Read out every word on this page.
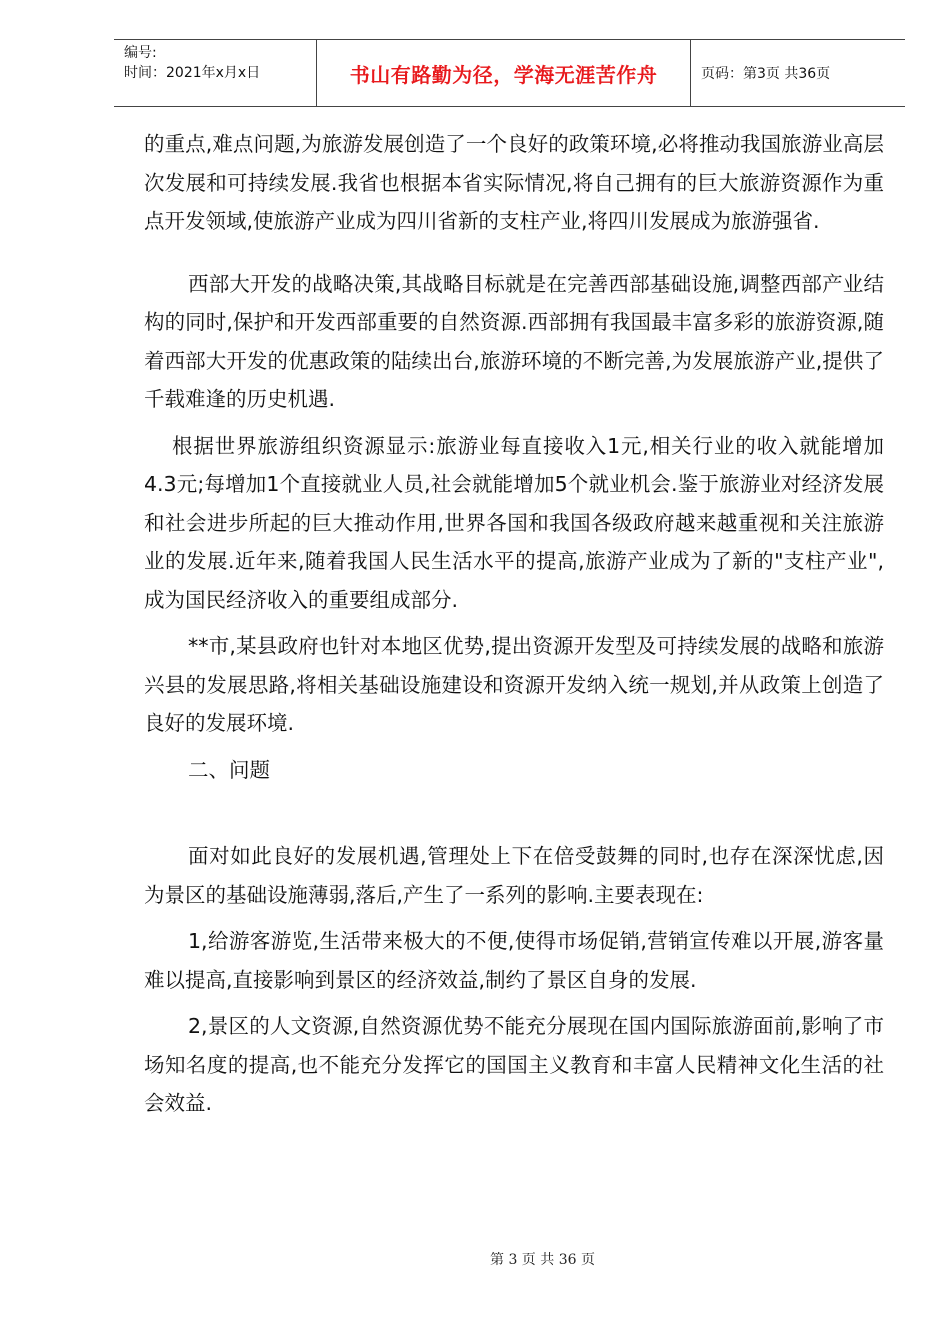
编号:
时间：2021年x月x日	书山有路勤为径，学海无涯苦作舟	页码：第3页 共36页

的重点,难点问题,为旅游发展创造了一个良好的政策环境,必将推动我国旅游业高层次发展和可持续发展.我省也根据本省实际情况,将自己拥有的巨大旅游资源作为重点开发领域,使旅游产业成为四川省新的支柱产业,将四川发展成为旅游强省.

西部大开发的战略决策,其战略目标就是在完善西部基础设施,调整西部产业结构的同时,保护和开发西部重要的自然资源.西部拥有我国最丰富多彩的旅游资源,随着西部大开发的优惠政策的陆续出台,旅游环境的不断完善,为发展旅游产业,提供了千载难逢的历史机遇.

根据世界旅游组织资源显示:旅游业每直接收入1元,相关行业的收入就能增加4.3元;每增加1个直接就业人员,社会就能增加5个就业机会.鉴于旅游业对经济发展和社会进步所起的巨大推动作用,世界各国和我国各级政府越来越重视和关注旅游业的发展.近年来,随着我国人民生活水平的提高,旅游产业成为了新的"支柱产业",成为国民经济收入的重要组成部分.

**市,某县政府也针对本地区优势,提出资源开发型及可持续发展的战略和旅游兴县的发展思路,将相关基础设施建设和资源开发纳入统一规划,并从政策上创造了良好的发展环境.

二、问题

面对如此良好的发展机遇,管理处上下在倍受鼓舞的同时,也存在深深忧虑,因为景区的基础设施薄弱,落后,产生了一系列的影响.主要表现在:

1,给游客游览,生活带来极大的不便,使得市场促销,营销宣传难以开展,游客量难以提高,直接影响到景区的经济效益,制约了景区自身的发展.

2,景区的人文资源,自然资源优势不能充分展现在国内国际旅游面前,影响了市场知名度的提高,也不能充分发挥它的国国主义教育和丰富人民精神文化生活的社会效益.

第 3 页 共 36 页
